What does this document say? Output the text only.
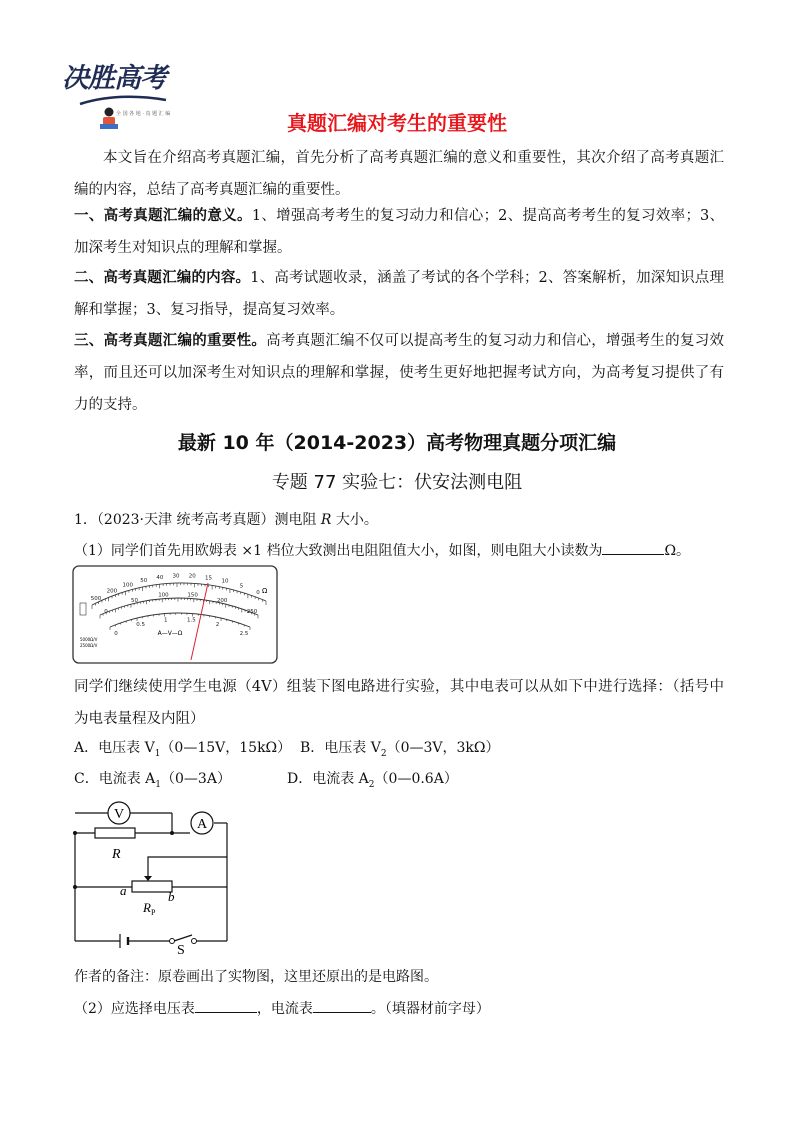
决胜高考
全 国 各 地 · 真 题 汇 编	真题汇编对考生的重要性
本文旨在介绍高考真题汇编，首先分析了高考真题汇编的意义和重要性，其次介绍了高考真题汇编的内容，总结了高考真题汇编的重要性。
一、高考真题汇编的意义。1、增强高考考生的复习动力和信心；2、提高高考考生的复习效率；3、加深考生对知识点的理解和掌握。
二、高考真题汇编的内容。1、高考试题收录，涵盖了考试的各个学科；2、答案解析，加深知识点理解和掌握；3、复习指导，提高复习效率。
三、高考真题汇编的重要性。高考真题汇编不仅可以提高考生的复习动力和信心，增强考生的复习效率，而且还可以加深考生对知识点的理解和掌握，使考生更好地把握考试方向，为高考复习提供了有力的支持。
最新 10 年（2014-2023）高考物理真题分项汇编
专题 77 实验七：伏安法测电阻
1．（2023·天津 统考高考真题）测电阻 R 大小。
（1）同学们首先用欧姆表 ×1 档位大致测出电阻阻值大小，如图，则电阻大小读数为	Ω。
500
200
100
50 40 30 20 15
10
5
0
0
50
100	150
200
250
0
0.5
1	1.5
2
2.5
A—V—Ω
5000Ω/V
2500Ω/V
Ω
同学们继续使用学生电源（4V）组装下图电路进行实验，其中电表可以从如下中进行选择：（括号中为电表量程及内阻）
A．电压表 $V_1(0—15V$，15kΩ） B．电压表 $V_2(0—3V$，3kΩ）
C．电流表 $A_1(0—3A)$	D．电流表 $A_2(0—0.6A)$
V
A
R
a	b
$R_P$
S
作者的备注：原卷画出了实物图，这里还原出的是电路图。
（2）应选择电压表	，电流表	。（填器材前字母）
